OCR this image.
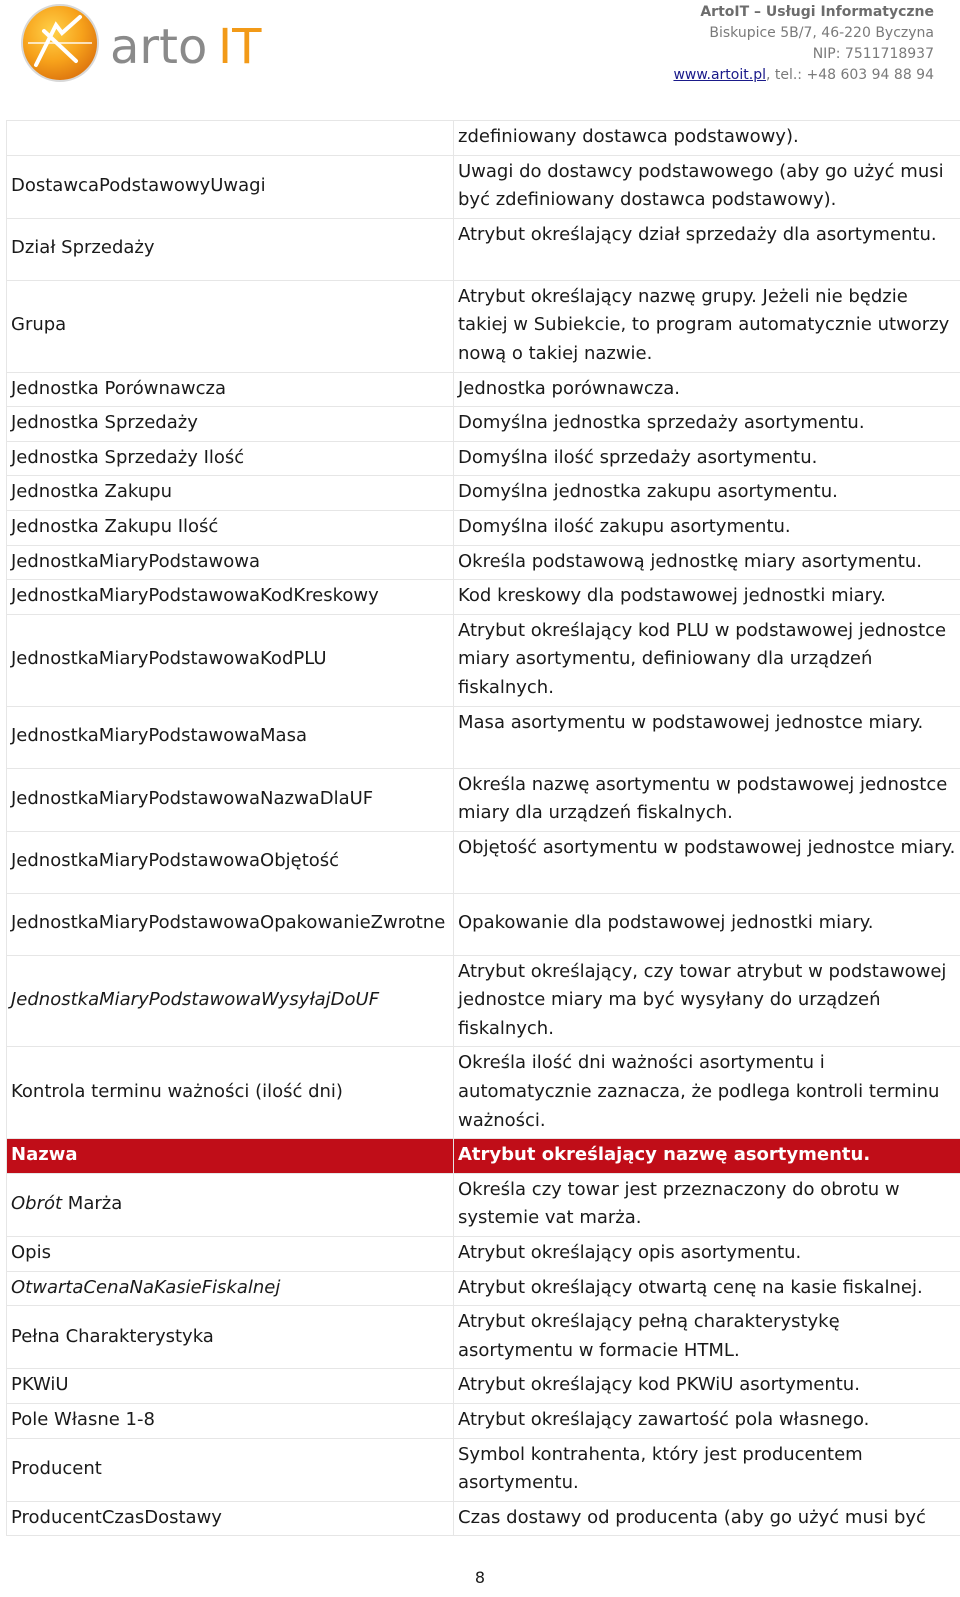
arto IT
ArtoIT – Usługi Informatyczne
Biskupice 5B/7, 46-220 Byczyna
NIP: 7511718937
www.artoit.pl, tel.: +48 603 94 88 94
	zdefiniowany dostawca podstawowy).
DostawcaPodstawowyUwagi	Uwagi do dostawcy podstawowego (aby go użyć musi być zdefiniowany dostawca podstawowy).
Dział Sprzedaży	Atrybut określający dział sprzedaży dla asortymentu.
Grupa	Atrybut określający nazwę grupy. Jeżeli nie będzie takiej w Subiekcie, to program automatycznie utworzy nową o takiej nazwie.
Jednostka Porównawcza	Jednostka porównawcza.
Jednostka Sprzedaży	Domyślna jednostka sprzedaży asortymentu.
Jednostka Sprzedaży Ilość	Domyślna ilość sprzedaży asortymentu.
Jednostka Zakupu	Domyślna jednostka zakupu asortymentu.
Jednostka Zakupu Ilość	Domyślna ilość zakupu asortymentu.
JednostkaMiaryPodstawowa	Określa podstawową jednostkę miary asortymentu.
JednostkaMiaryPodstawowaKodKreskowy	Kod kreskowy dla podstawowej jednostki miary.
JednostkaMiaryPodstawowaKodPLU	Atrybut określający kod PLU w podstawowej jednostce miary asortymentu, definiowany dla urządzeń fiskalnych.
JednostkaMiaryPodstawowaMasa	Masa asortymentu w podstawowej jednostce miary.
JednostkaMiaryPodstawowaNazwaDlaUF	Określa nazwę asortymentu w podstawowej jednostce miary dla urządzeń fiskalnych.
JednostkaMiaryPodstawowaObjętość	Objętość asortymentu w podstawowej jednostce miary.
JednostkaMiaryPodstawowaOpakowanieZwrotne	Opakowanie dla podstawowej jednostki miary.
JednostkaMiaryPodstawowaWysyłajDoUF	Atrybut określający, czy towar atrybut w podstawowej jednostce miary ma być wysyłany do urządzeń fiskalnych.
Kontrola terminu ważności (ilość dni)	Określa ilość dni ważności asortymentu i automatycznie zaznacza, że podlega kontroli terminu ważności.
Nazwa	Atrybut określający nazwę asortymentu.
Obrót Marża	Określa czy towar jest przeznaczony do obrotu w systemie vat marża.
Opis	Atrybut określający opis asortymentu.
OtwartaCenaNaKasieFiskalnej	Atrybut określający otwartą cenę na kasie fiskalnej.
Pełna Charakterystyka	Atrybut określający pełną charakterystykę asortymentu w formacie HTML.
PKWiU	Atrybut określający kod PKWiU asortymentu.
Pole Własne 1-8	Atrybut określający zawartość pola własnego.
Producent	Symbol kontrahenta, który jest producentem asortymentu.
ProducentCzasDostawy	Czas dostawy od producenta (aby go użyć musi być
8
